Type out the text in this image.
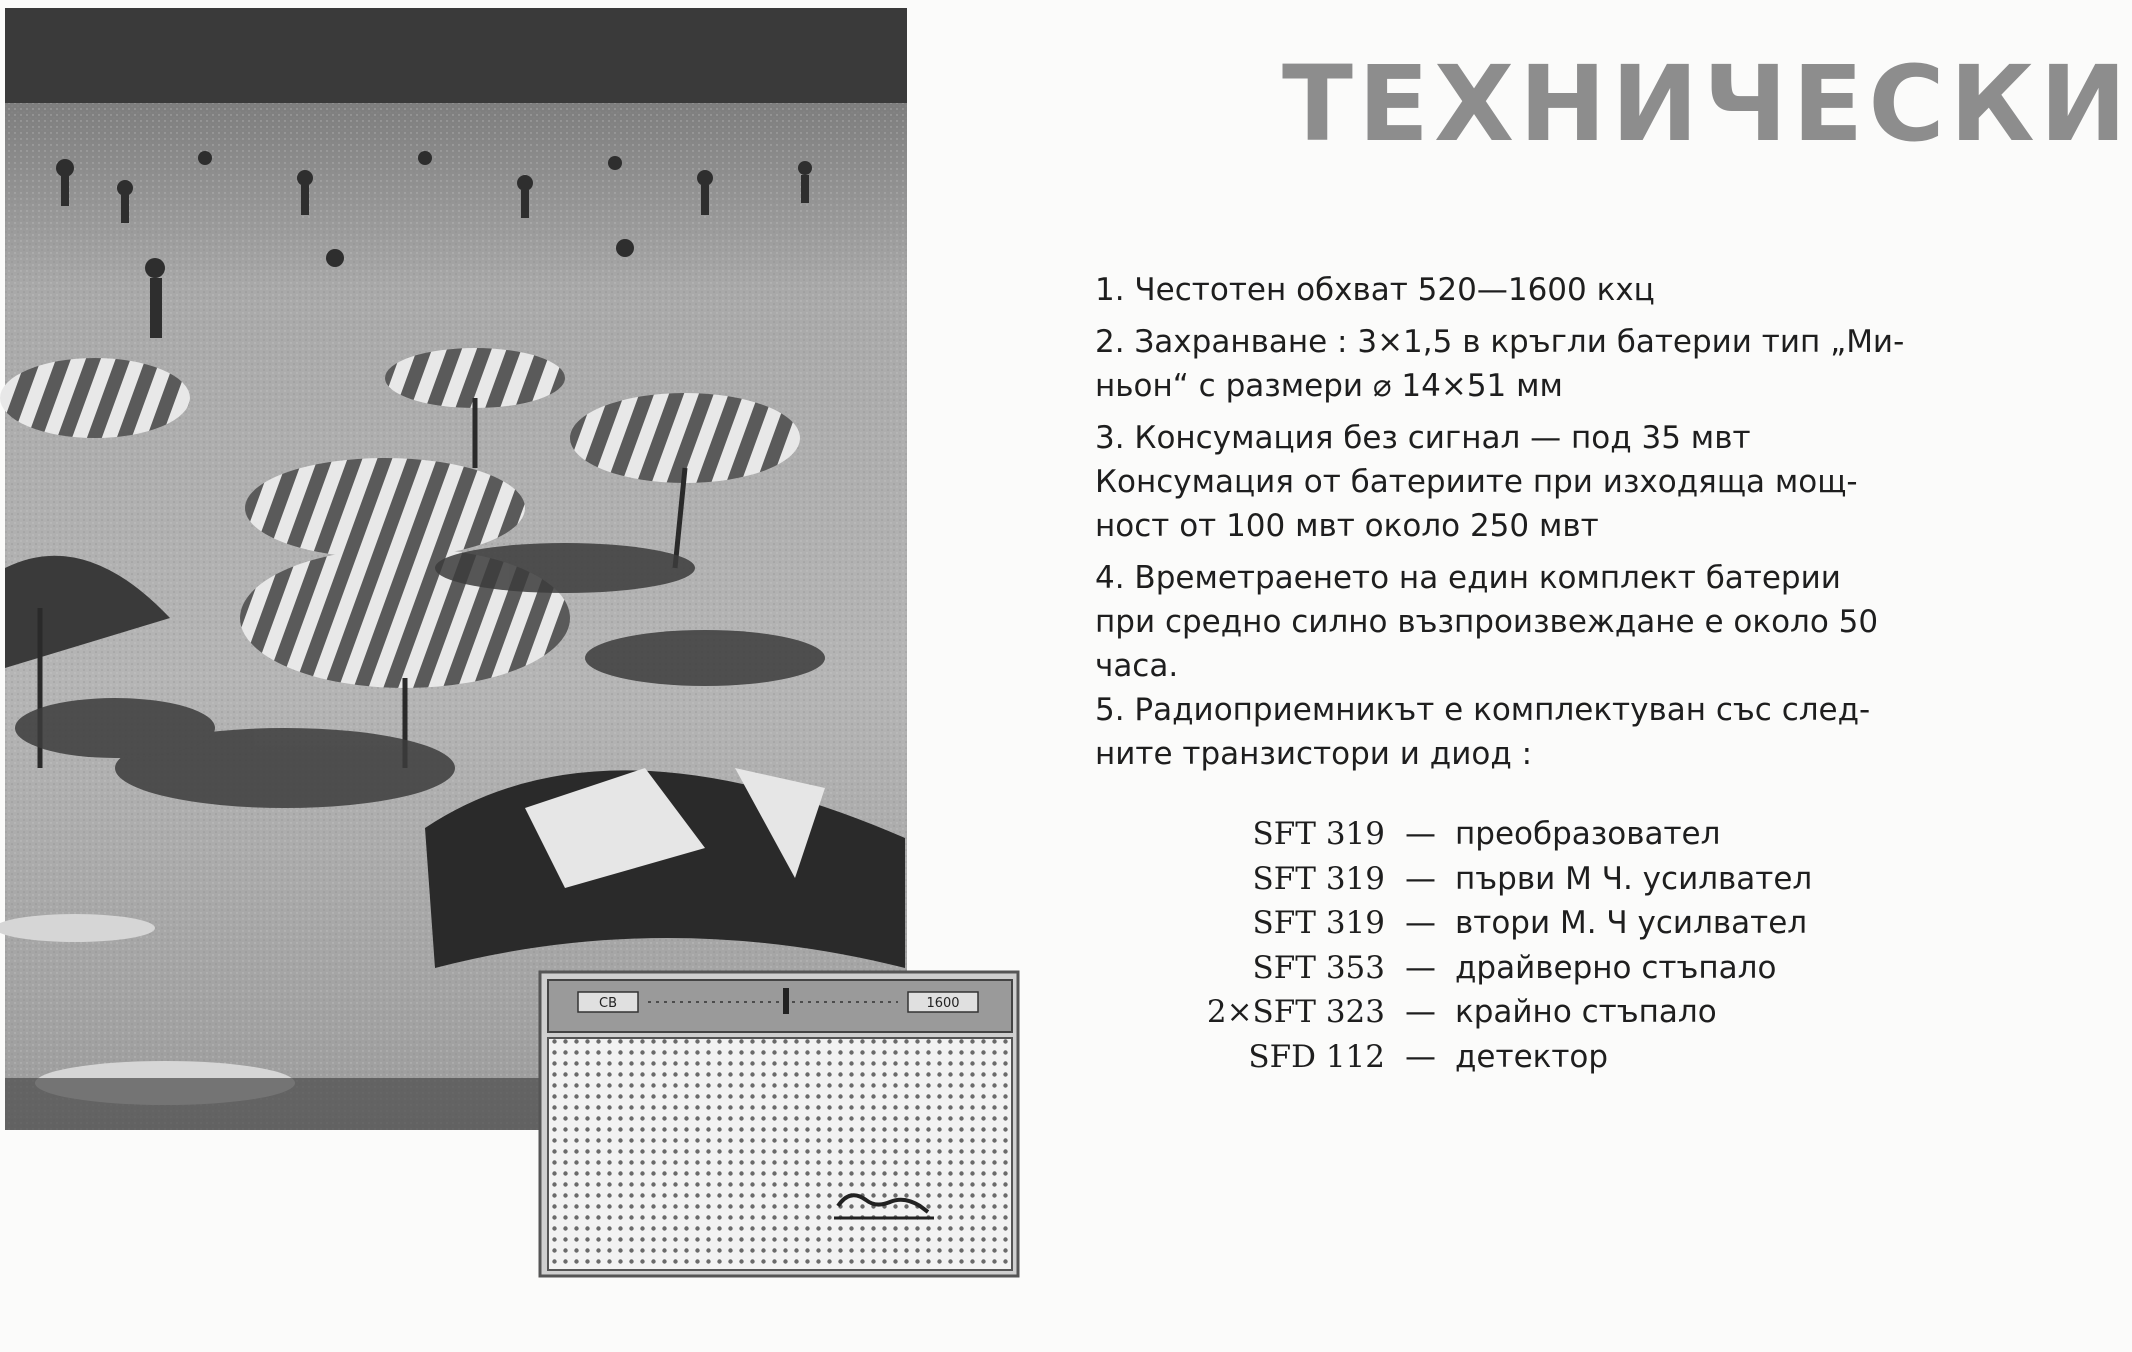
СВ	1600
ТЕХНИЧЕСКИ

1. Честотен обхват 520—1600 кхц

2. Захранване : 3×1,5 в кръгли батерии тип „Ми-

ньон“ с размери ⌀ 14×51 мм

3. Консумация без сигнал — под 35 мвт

Консумация от батериите при изходяща мощ-

ност от 100 мвт около 250 мвт

4. Времетраенето на един комплект батерии

при средно силно възпроизвеждане е около 50

часа.

5. Радиоприемникът е комплектуван със след-

ните транзистори и диод :

SFT 319 — преобразовател
SFT 319 — първи М Ч. усилвател
SFT 319 — втори М. Ч усилвател
SFT 353 — драйверно стъпало
2×SFT 323 — крайно стъпало
SFD 112 — детектор
